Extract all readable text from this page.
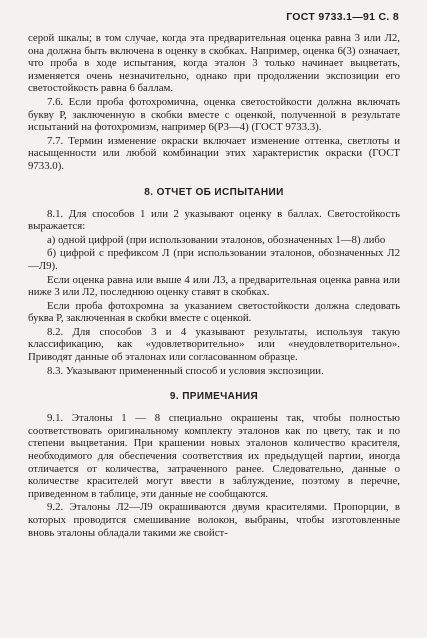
ГОСТ 9733.1—91 С. 8

серой шкалы; в том случае, когда эта предварительная оценка равна 3 или Л2, она должна быть включена в оценку в скобках. Например, оценка 6(3) означает, что проба в ходе испытания, когда эталон 3 только начинает выцветать, изменяется очень незначительно, однако при продолжении экспозиции его светостойкость равна 6 баллам.

7.6. Если проба фотохромична, оценка светостойкости должна включать букву Р, заключенную в скобки вместе с оценкой, полученной в результате испытаний на фотохромизм, например 6(Р3—4) (ГОСТ 9733.3).

7.7. Термин изменение окраски включает изменение оттенка, светлоты и насыщенности или любой комбинации этих характеристик окраски (ГОСТ 9733.0).

8. ОТЧЕТ ОБ ИСПЫТАНИИ

8.1. Для способов 1 или 2 указывают оценку в баллах. Светостойкость выражается:

а) одной цифрой (при использовании эталонов, обозначенных 1—8) либо

б) цифрой с префиксом Л (при использовании эталонов, обозначенных Л2—Л9).

Если оценка равна или выше 4 или Л3, а предварительная оценка равна или ниже 3 или Л2, последнюю оценку ставят в скобках.

Если проба фотохромна за указанием светостойкости должна следовать буква Р, заключенная в скобки вместе с оценкой.

8.2. Для способов 3 и 4 указывают результаты, используя такую классификацию, как «удовлетворительно» или «неудовлетворительно». Приводят данные об эталонах или согласованном образце.

8.3. Указывают примененный способ и условия экспозиции.

9. ПРИМЕЧАНИЯ

9.1. Эталоны 1 — 8 специально окрашены так, чтобы полностью соответствовать оригинальному комплекту эталонов как по цвету, так и по степени выцветания. При крашении новых эталонов количество красителя, необходимого для обеспечения соответствия их предыдущей партии, иногда отличается от количества, затраченного ранее. Следовательно, данные о количестве красителей могут ввести в заблуждение, поэтому в перечне, приведенном в таблице, эти данные не сообщаются.

9.2. Эталоны Л2—Л9 окрашиваются двумя красителями. Пропорции, в которых проводится смешивание волокон, выбраны, чтобы изготовленные вновь эталоны обладали такими же свойст-
